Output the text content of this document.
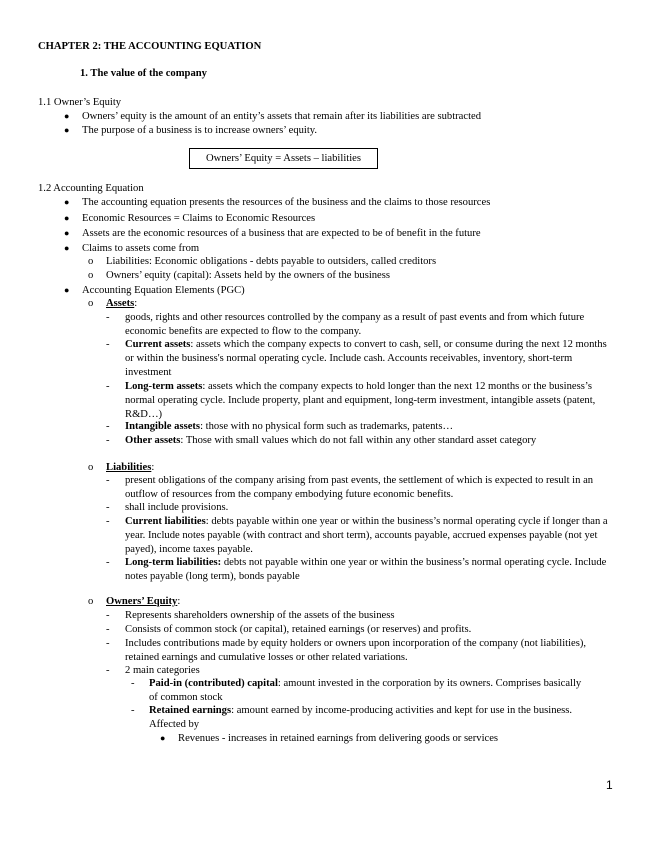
CHAPTER 2: THE ACCOUNTING EQUATION
1. The value of the company
1.1 Owner’s Equity
● Owners’ equity is the amount of an entity’s assets that remain after its liabilities are subtracted
● The purpose of a business is to increase owners’ equity.
Owners’ Equity = Assets – liabilities
1.2 Accounting Equation
● The accounting equation presents the resources of the business and the claims to those resources
● Economic Resources = Claims to Economic Resources
● Assets are the economic resources of a business that are expected to be of benefit in the future
● Claims to assets come from
o Liabilities: Economic obligations - debts payable to outsiders, called creditors
o Owners’ equity (capital): Assets held by the owners of the business
● Accounting Equation Elements (PGC)
o Assets:
- goods, rights and other resources controlled by the company as a result of past events and from which future economic benefits are expected to flow to the company.
- Current assets: assets which the company expects to convert to cash, sell, or consume during the next 12 months or within the business's normal operating cycle. Include cash. Accounts receivables, inventory, short-term investment
- Long-term assets: assets which the company expects to hold longer than the next 12 months or the business’s normal operating cycle. Include property, plant and equipment, long-term investment, intangible assets (patent, R&D…)
- Intangible assets: those with no physical form such as trademarks, patents…
- Other assets: Those with small values which do not fall within any other standard asset category
o Liabilities:
- present obligations of the company arising from past events, the settlement of which is expected to result in an outflow of resources from the company embodying future economic benefits.
- shall include provisions.
- Current liabilities: debts payable within one year or within the business’s normal operating cycle if longer than a year. Include notes payable (with contract and short term), accounts payable, accrued expenses payable (not yet payed), income taxes payable.
- Long-term liabilities: debts not payable within one year or within the business’s normal operating cycle. Include notes payable (long term), bonds payable
o Owners’ Equity:
- Represents shareholders ownership of the assets of the business
- Consists of common stock (or capital), retained earnings (or reserves) and profits.
- Includes contributions made by equity holders or owners upon incorporation of the company (not liabilities), retained earnings and cumulative losses or other related variations.
- 2 main categories
- Paid-in (contributed) capital: amount invested in the corporation by its owners. Comprises basically of common stock
- Retained earnings: amount earned by income-producing activities and kept for use in the business. Affected by
● Revenues - increases in retained earnings from delivering goods or services
1
